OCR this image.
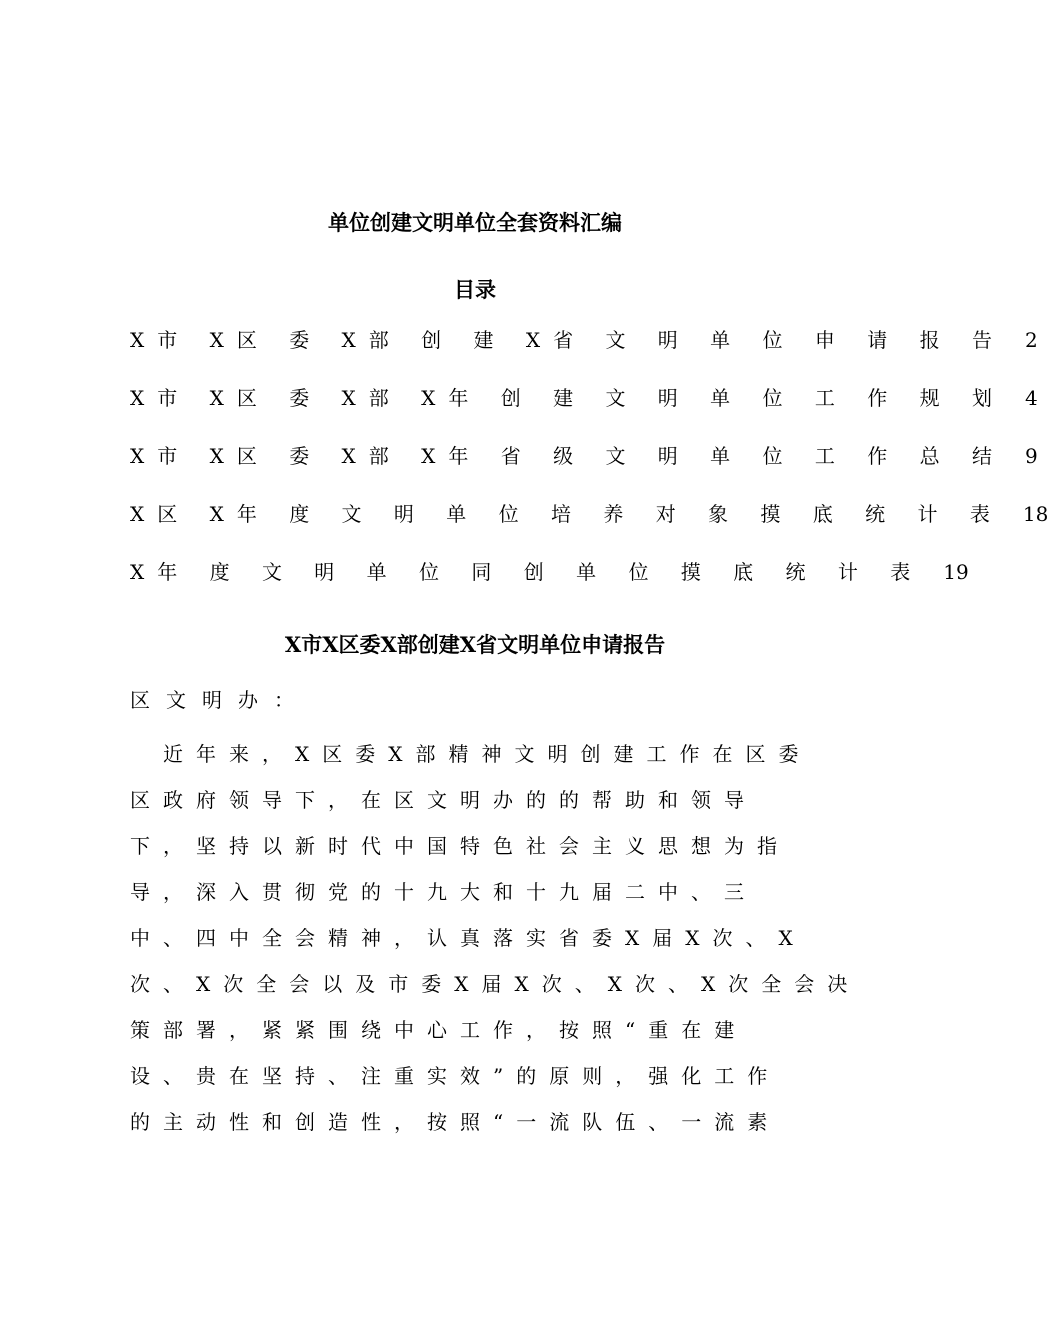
单位创建文明单位全套资料汇编
目录
X市 X区 委 X部 创 建 X省 文 明 单 位 申 请 报 告 2
X市 X区 委 X部 X年 创 建 文 明 单 位 工 作 规 划 4
X市 X区 委 X部 X年 省 级 文 明 单 位 工 作 总 结 9
X区 X年 度 文 明 单 位 培 养 对 象 摸 底 统 计 表 18
X年 度 文 明 单 位 同 创 单 位 摸 底 统 计 表 19
X市X区委X部创建X省文明单位申请报告
区文明办：
　近年来，X区委X部精神文明创建工作在区委
区政府领导下，在区文明办的的帮助和领导
下，坚持以新时代中国特色社会主义思想为指
导，深入贯彻党的十九大和十九届二中、三
中、四中全会精神，认真落实省委X届X次、X
次、X次全会以及市委X届X次、X次、X次全会决
策部署，紧紧围绕中心工作，按照“重在建
设、贵在坚持、注重实效”的原则，强化工作
的主动性和创造性，按照“一流队伍、一流素
